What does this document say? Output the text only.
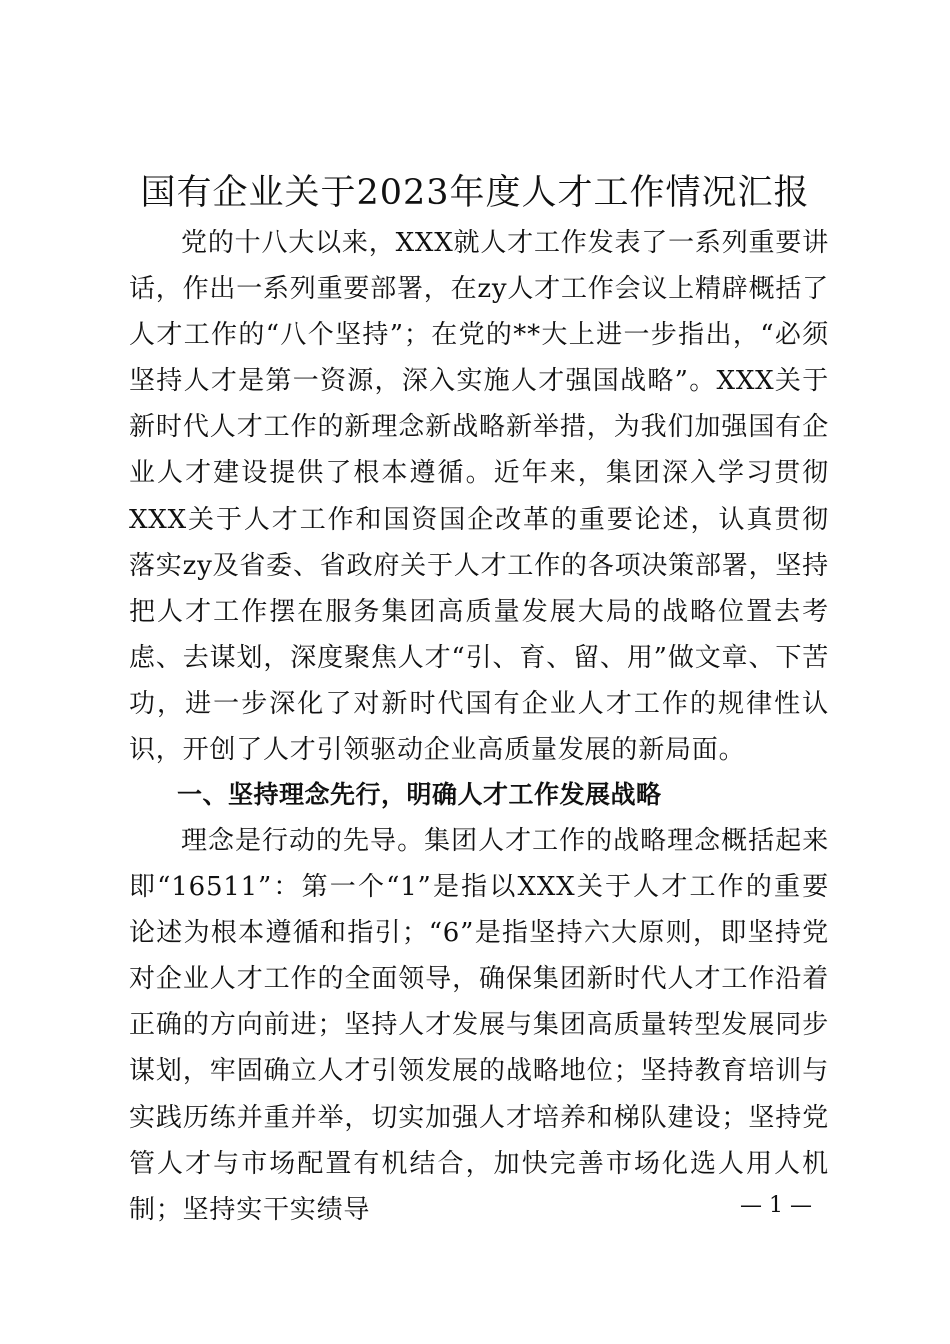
国有企业关于2023年度人才工作情况汇报

党的十八大以来，XXX就人才工作发表了一系列重要讲话，作出一系列重要部署，在zy人才工作会议上精辟概括了人才工作的“八个坚持”；在党的**大上进一步指出，“必须坚持人才是第一资源，深入实施人才强国战略”。XXX关于新时代人才工作的新理念新战略新举措，为我们加强国有企业人才建设提供了根本遵循。近年来，集团深入学习贯彻XXX关于人才工作和国资国企改革的重要论述，认真贯彻落实zy及省委、省政府关于人才工作的各项决策部署，坚持把人才工作摆在服务集团高质量发展大局的战略位置去考虑、去谋划，深度聚焦人才“引、育、留、用”做文章、下苦功，进一步深化了对新时代国有企业人才工作的规律性认识，开创了人才引领驱动企业高质量发展的新局面。

一、坚持理念先行，明确人才工作发展战略

理念是行动的先导。集团人才工作的战略理念概括起来即“16511”：第一个“1”是指以XXX关于人才工作的重要论述为根本遵循和指引；“6”是指坚持六大原则，即坚持党对企业人才工作的全面领导，确保集团新时代人才工作沿着正确的方向前进；坚持人才发展与集团高质量转型发展同步谋划，牢固确立人才引领发展的战略地位；坚持教育培训与实践历练并重并举，切实加强人才培养和梯队建设；坚持党管人才与市场配置有机结合，加快完善市场化选人用人机制；坚持实干实绩导	— 1 —
